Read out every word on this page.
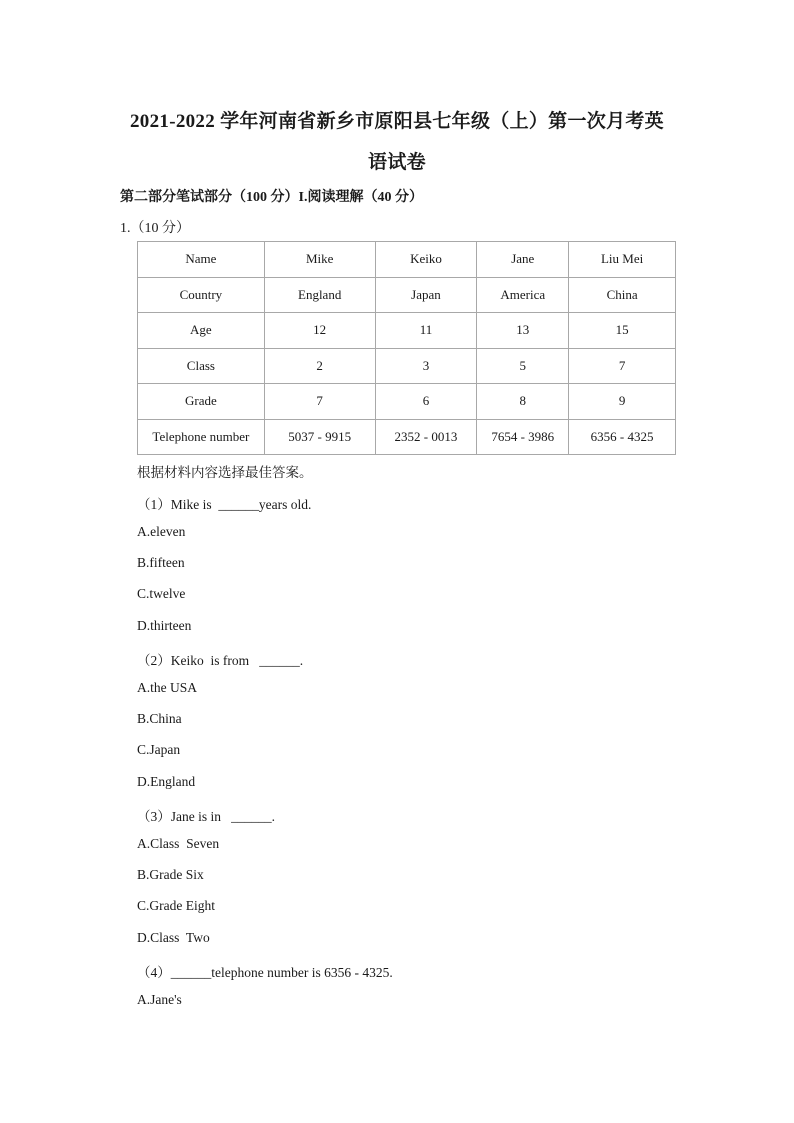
2021-2022 学年河南省新乡市原阳县七年级（上）第一次月考英
语试卷
第二部分笔试部分（100 分）I.阅读理解（40 分）
1.（10 分）
Name	Mike	Keiko	Jane	Liu Mei
Country	England	Japan	America	China
Age	12	11	13	15
Class	2	3	5	7
Grade	7	6	8	9
Telephone number	5037 - 9915	2352 - 0013	7654 - 3986	6356 - 4325
根据材料内容选择最佳答案。
（1）Mike is  ______years old.
A.eleven
B.fifteen
C.twelve
D.thirteen
（2）Keiko  is from   ______.
A.the USA
B.China
C.Japan
D.England
（3）Jane is in   ______.
A.Class  Seven
B.Grade Six
C.Grade Eight
D.Class  Two
（4）______telephone number is 6356 - 4325.
A.Jane's
